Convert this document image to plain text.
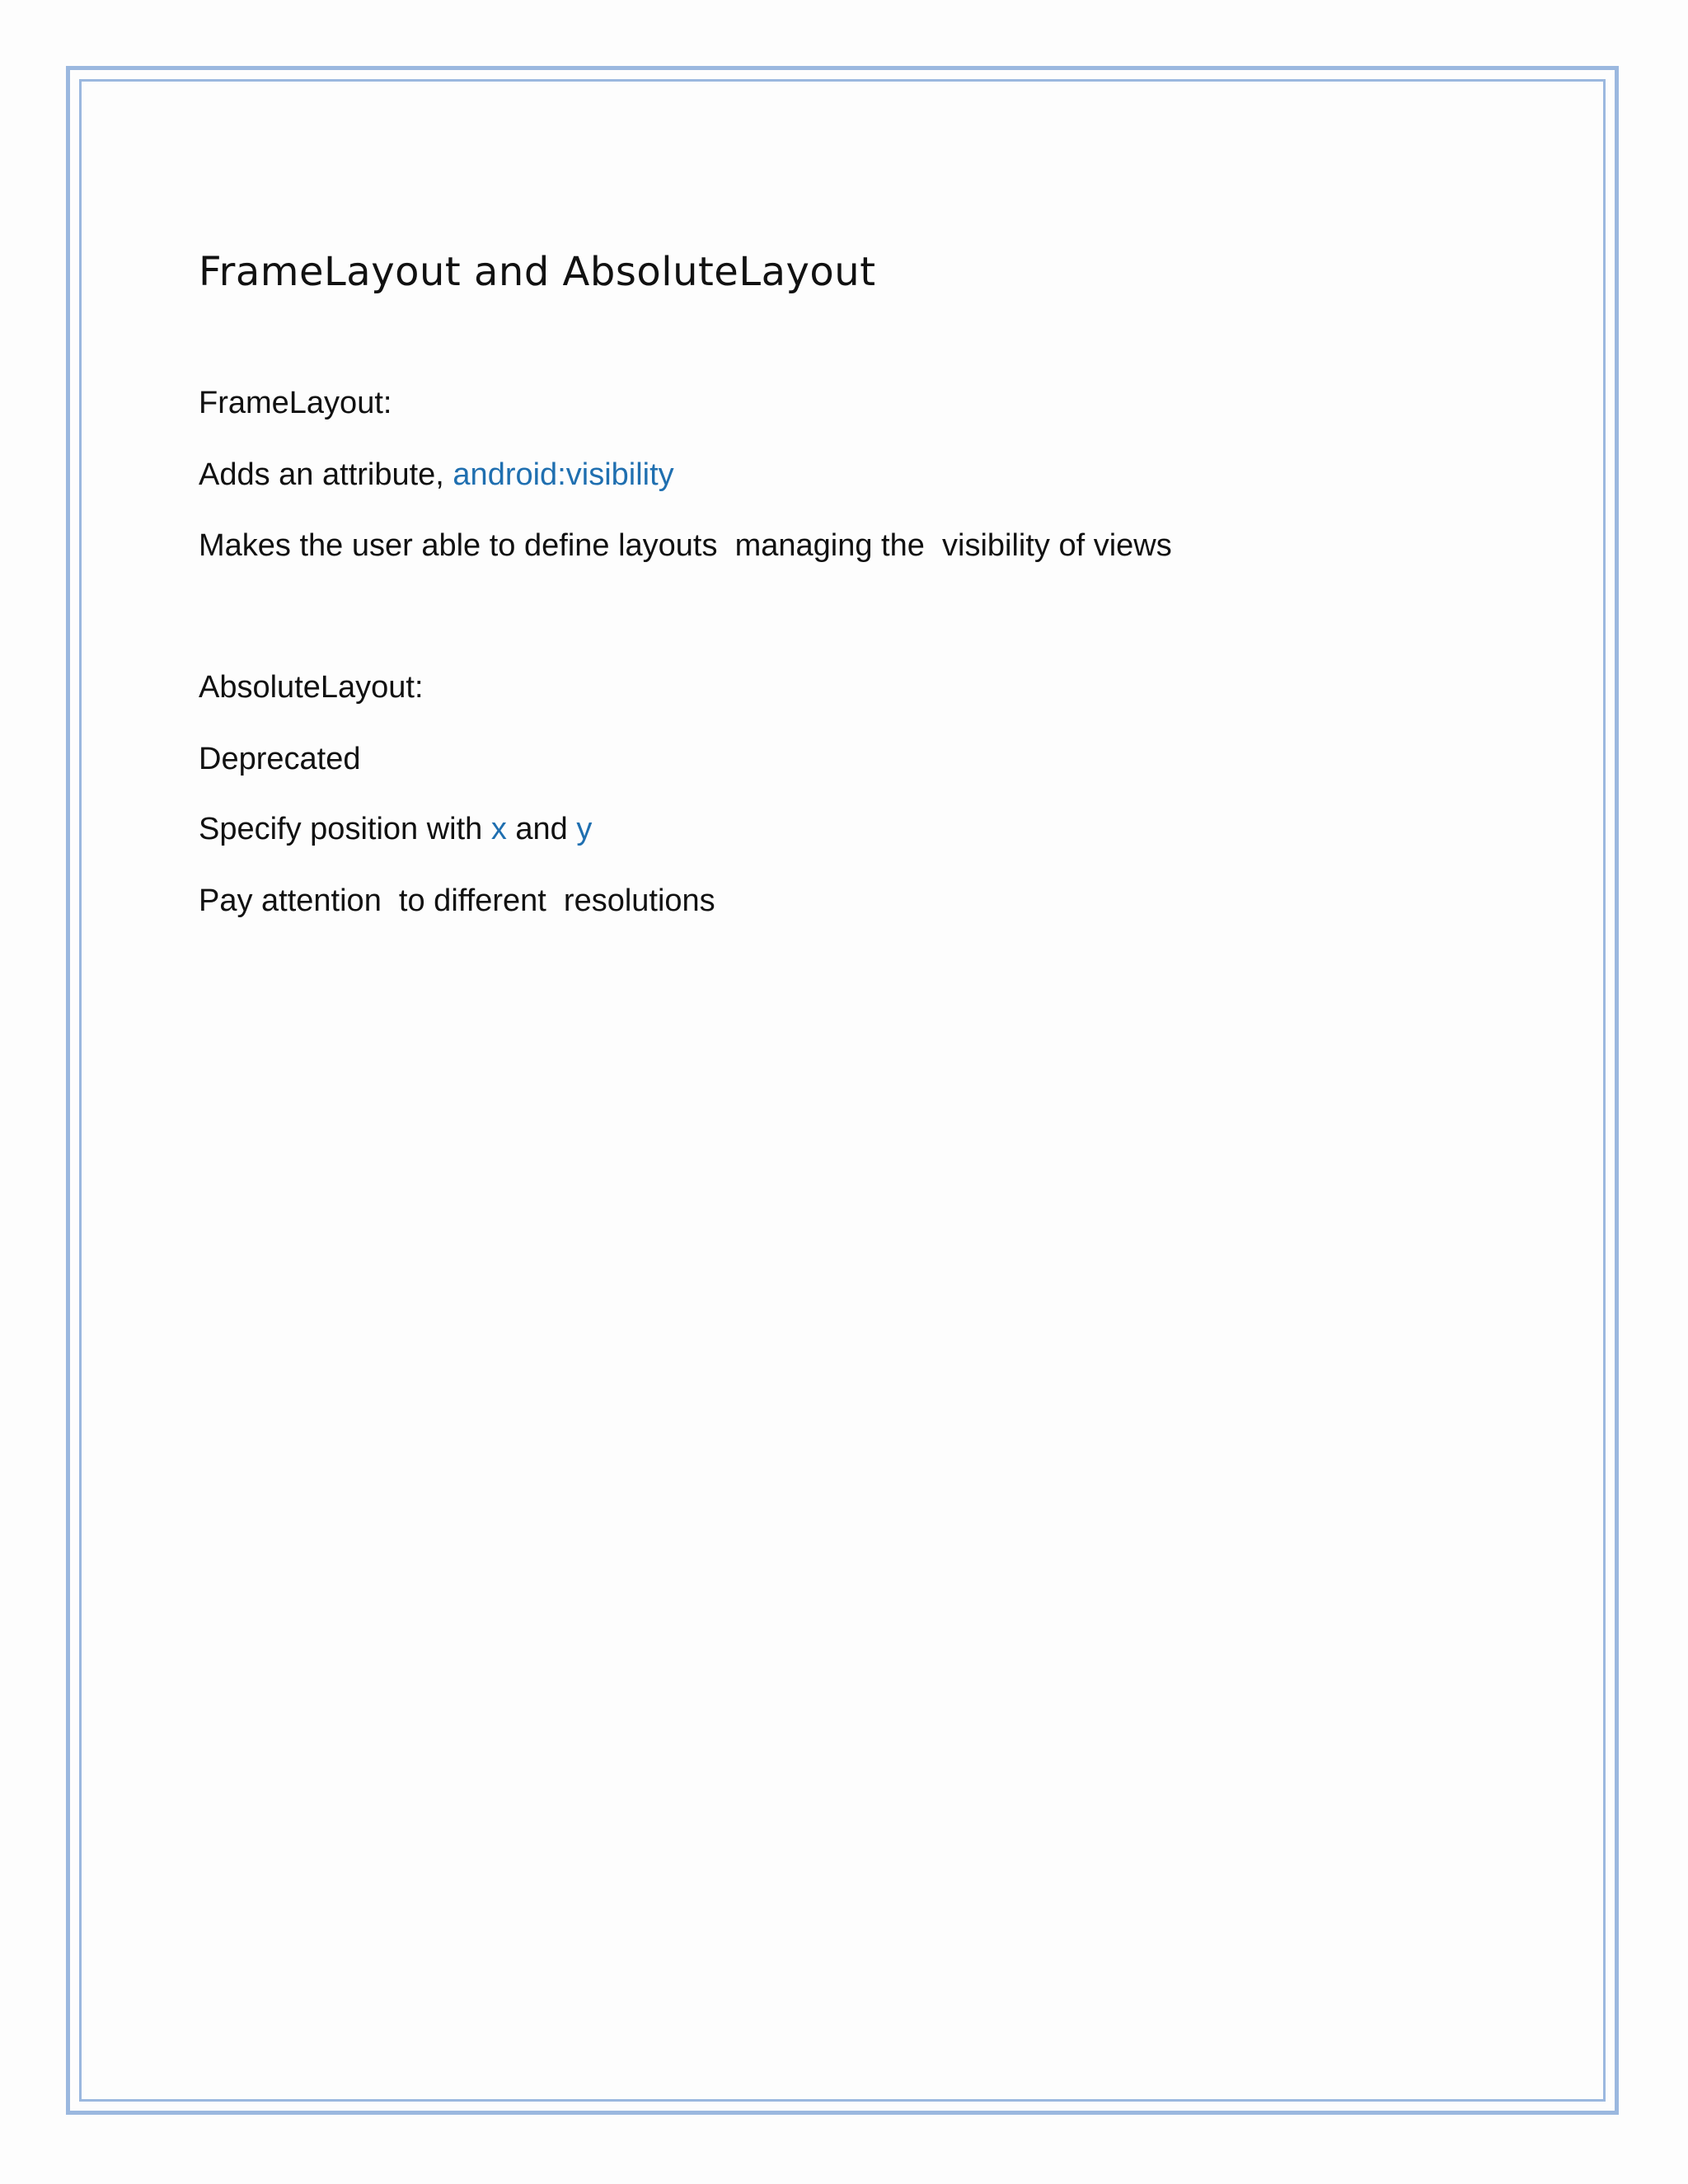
FrameLayout and AbsoluteLayout

FrameLayout:

Adds an attribute, android:visibility

Makes the user able to define layouts  managing the  visibility of views

AbsoluteLayout:

Deprecated

Specify position with x and y

Pay attention  to different  resolutions
